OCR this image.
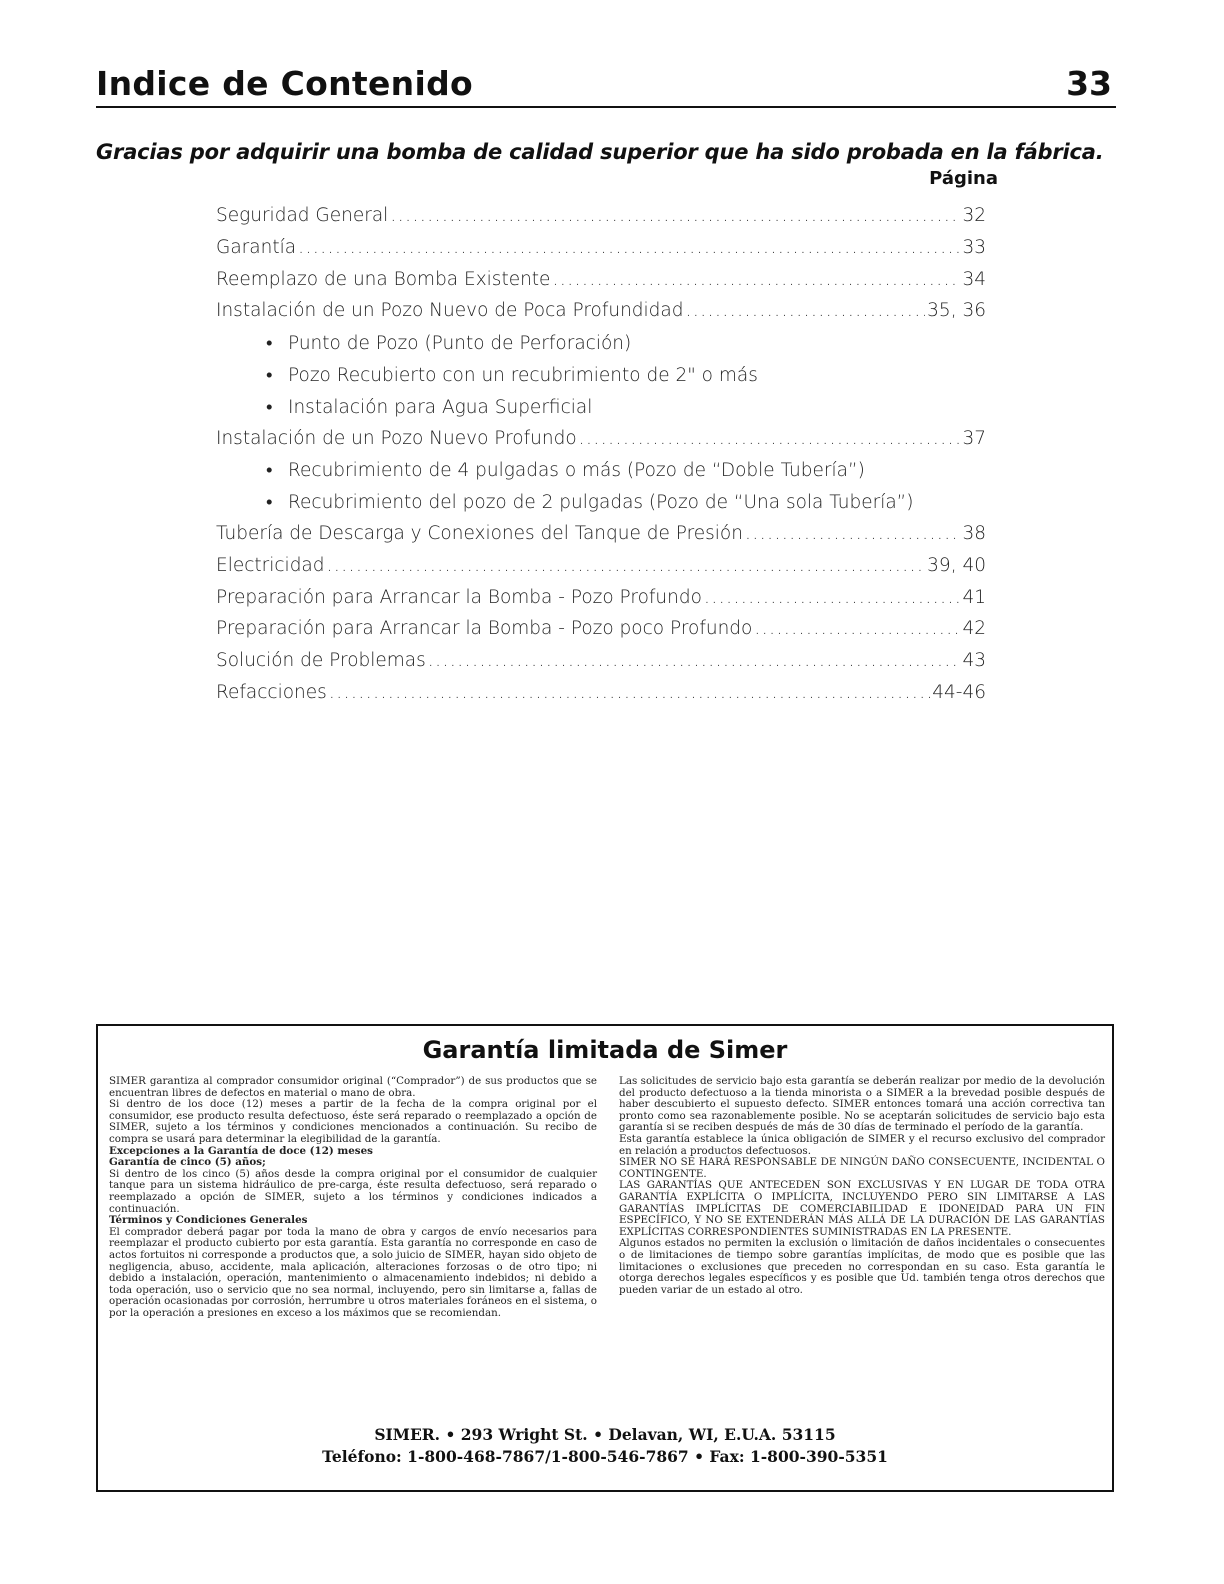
Indice de Contenido	33
Gracias por adquirir una bomba de calidad superior que ha sido probada en la fábrica.
Página
Seguridad General .....	32
Garantía .....	33
Reemplazo de una Bomba Existente .....	34
Instalación de un Pozo Nuevo de Poca Profundidad .....	35, 36
• Punto de Pozo (Punto de Perforación)
• Pozo Recubierto con un recubrimiento de 2" o más
• Instalación para Agua Superficial
Instalación de un Pozo Nuevo Profundo .....	37
• Recubrimiento de 4 pulgadas o más (Pozo de “Doble Tubería”)
• Recubrimiento del pozo de 2 pulgadas (Pozo de “Una sola Tubería”)
Tubería de Descarga y Conexiones del Tanque de Presión .....	38
Electricidad .....	39, 40
Preparación para Arrancar la Bomba - Pozo Profundo .....	41
Preparación para Arrancar la Bomba - Pozo poco Profundo .....	42
Solución de Problemas .....	43
Refacciones .....	44-46
Garantía limitada de Simer

SIMER garantiza al comprador consumidor original (“Comprador”) de sus productos que se encuentran libres de defectos en material o mano de obra.

Si dentro de los doce (12) meses a partir de la fecha de la compra original por el consumidor, ese producto resulta defectuoso, éste será reparado o reemplazado a opción de SIMER, sujeto a los términos y condiciones mencionados a continuación. Su recibo de compra se usará para determinar la elegibilidad de la garantía.

Excepciones a la Garantía de doce (12) meses

Garantía de cinco (5) años;

Si dentro de los cinco (5) años desde la compra original por el consumidor de cualquier tanque para un sistema hidráulico de pre-carga, éste resulta defectuoso, será reparado o reemplazado a opción de SIMER, sujeto a los términos y condiciones indicados a continuación.

Términos y Condiciones Generales

El comprador deberá pagar por toda la mano de obra y cargos de envío necesarios para reemplazar el producto cubierto por esta garantía. Esta garantía no corresponde en caso de actos fortuitos ni corresponde a productos que, a solo juicio de SIMER, hayan sido objeto de negligencia, abuso, accidente, mala aplicación, alteraciones forzosas o de otro tipo; ni debido a instalación, operación, mantenimiento o almacenamiento indebidos; ni debido a toda operación, uso o servicio que no sea normal, incluyendo, pero sin limitarse a, fallas de operación ocasionadas por corrosión, herrumbre u otros materiales foráneos en el sistema, o por la operación a presiones en exceso a los máximos que se recomiendan.

Las solicitudes de servicio bajo esta garantía se deberán realizar por medio de la devolución del producto defectuoso a la tienda minorista o a SIMER a la brevedad posible después de haber descubierto el supuesto defecto. SIMER entonces tomará una acción correctiva tan pronto como sea razonablemente posible. No se aceptarán solicitudes de servicio bajo esta garantía si se reciben después de más de 30 días de terminado el período de la garantía.

Esta garantía establece la única obligación de SIMER y el recurso exclusivo del comprador en relación a productos defectuosos.

SIMER NO SE HARÁ RESPONSABLE DE NINGÚN DAÑO CONSECUENTE, INCIDENTAL O CONTINGENTE.

LAS GARANTÍAS QUE ANTECEDEN SON EXCLUSIVAS Y EN LUGAR DE TODA OTRA GARANTÍA EXPLÍCITA O IMPLÍCITA, INCLUYENDO PERO SIN LIMITARSE A LAS GARANTÍAS IMPLÍCITAS DE COMERCIABILIDAD E IDONEIDAD PARA UN FIN ESPECÍFICO, Y NO SE EXTENDERÁN MÁS ALLÁ DE LA DURACIÓN DE LAS GARANTÍAS EXPLÍCITAS CORRESPONDIENTES SUMINISTRADAS EN LA PRESENTE.

Algunos estados no permiten la exclusión o limitación de daños incidentales o consecuentes o de limitaciones de tiempo sobre garantías implícitas, de modo que es posible que las limitaciones o exclusiones que preceden no correspondan en su caso. Esta garantía le otorga derechos legales específicos y es posible que Ud. también tenga otros derechos que pueden variar de un estado al otro.

SIMER. • 293 Wright St. • Delavan, WI, E.U.A. 53115
Teléfono: 1-800-468-7867/1-800-546-7867 • Fax: 1-800-390-5351
